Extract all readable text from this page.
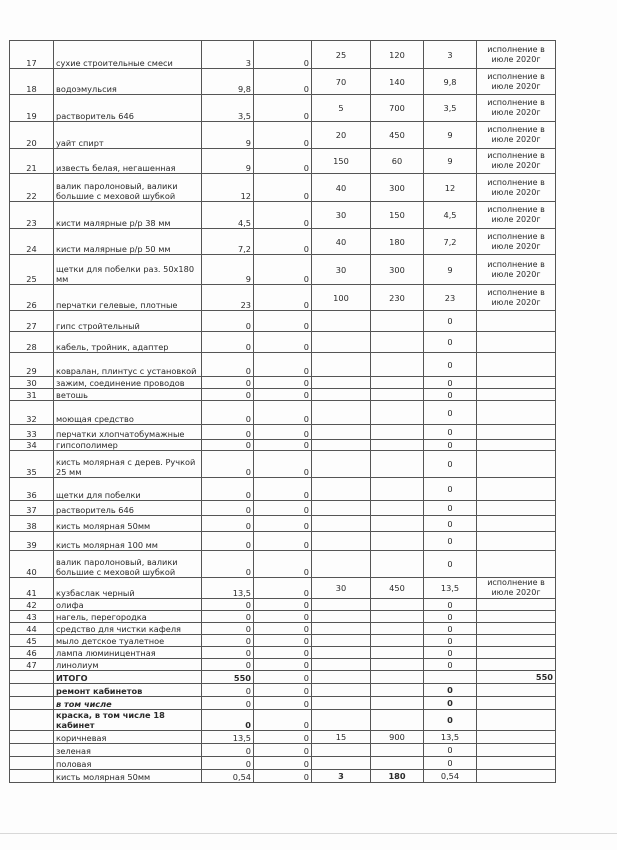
17	сухие строительные смеси	3	0	25	120	3	исполнение в июле 2020г
18	водоэмульсия	9,8	0	70	140	9,8	исполнение в июле 2020г
19	растворитель 646	3,5	0	5	700	3,5	исполнение в июле 2020г
20	уайт спирт	9	0	20	450	9	исполнение в июле 2020г
21	известь белая, негашенная	9	0	150	60	9	исполнение в июле 2020г
22	валик паролоновый, валики большие с меховой шубкой	12	0	40	300	12	исполнение в июле 2020г
23	кисти малярные р/р 38 мм	4,5	0	30	150	4,5	исполнение в июле 2020г
24	кисти малярные р/р 50 мм	7,2	0	40	180	7,2	исполнение в июле 2020г
25	щетки для побелки раз. 50х180 мм	9	0	30	300	9	исполнение в июле 2020г
26	перчатки гелевые, плотные	23	0	100	230	23	исполнение в июле 2020г
27	гипс стройтельный	0	0			0	
28	кабель, тройник, адаптер	0	0			0	
29	ковралан, плинтус с установкой	0	0			0	
30	зажим, соединение проводов	0	0			0	
31	ветошь	0	0			0	
32	моющая средство	0	0			0	
33	перчатки хлопчатобумажные	0	0			0	
34	гипсополимер	0	0			0	
35	кисть молярная с дерев. Ручкой 25 мм	0	0			0	
36	щетки для побелки	0	0			0	
37	растворитель 646	0	0			0	
38	кисть молярная 50мм	0	0			0	
39	кисть молярная 100 мм	0	0			0	
40	валик паролоновый, валики большие с меховой шубкой	0	0			0	
41	кузбаслак черный	13,5	0	30	450	13,5	исполнение в июле 2020г
42	олифа	0	0			0	
43	нагель, перегородка	0	0			0	
44	средство для чистки кафеля	0	0			0	
45	мыло детское туалетное	0	0			0	
46	лампа люминицентная	0	0			0	
47	линолиум	0	0			0	
	ИТОГО	550	0				550
	ремонт кабинетов	0	0			0	
	в том числе	0	0			0	
	краска, в том числе 18 кабинет	0	0			0	
	коричневая	13,5	0	15	900	13,5	
	зеленая	0	0			0	
	половая	0	0			0	
	кисть молярная 50мм	0,54	0	3	180	0,54	
